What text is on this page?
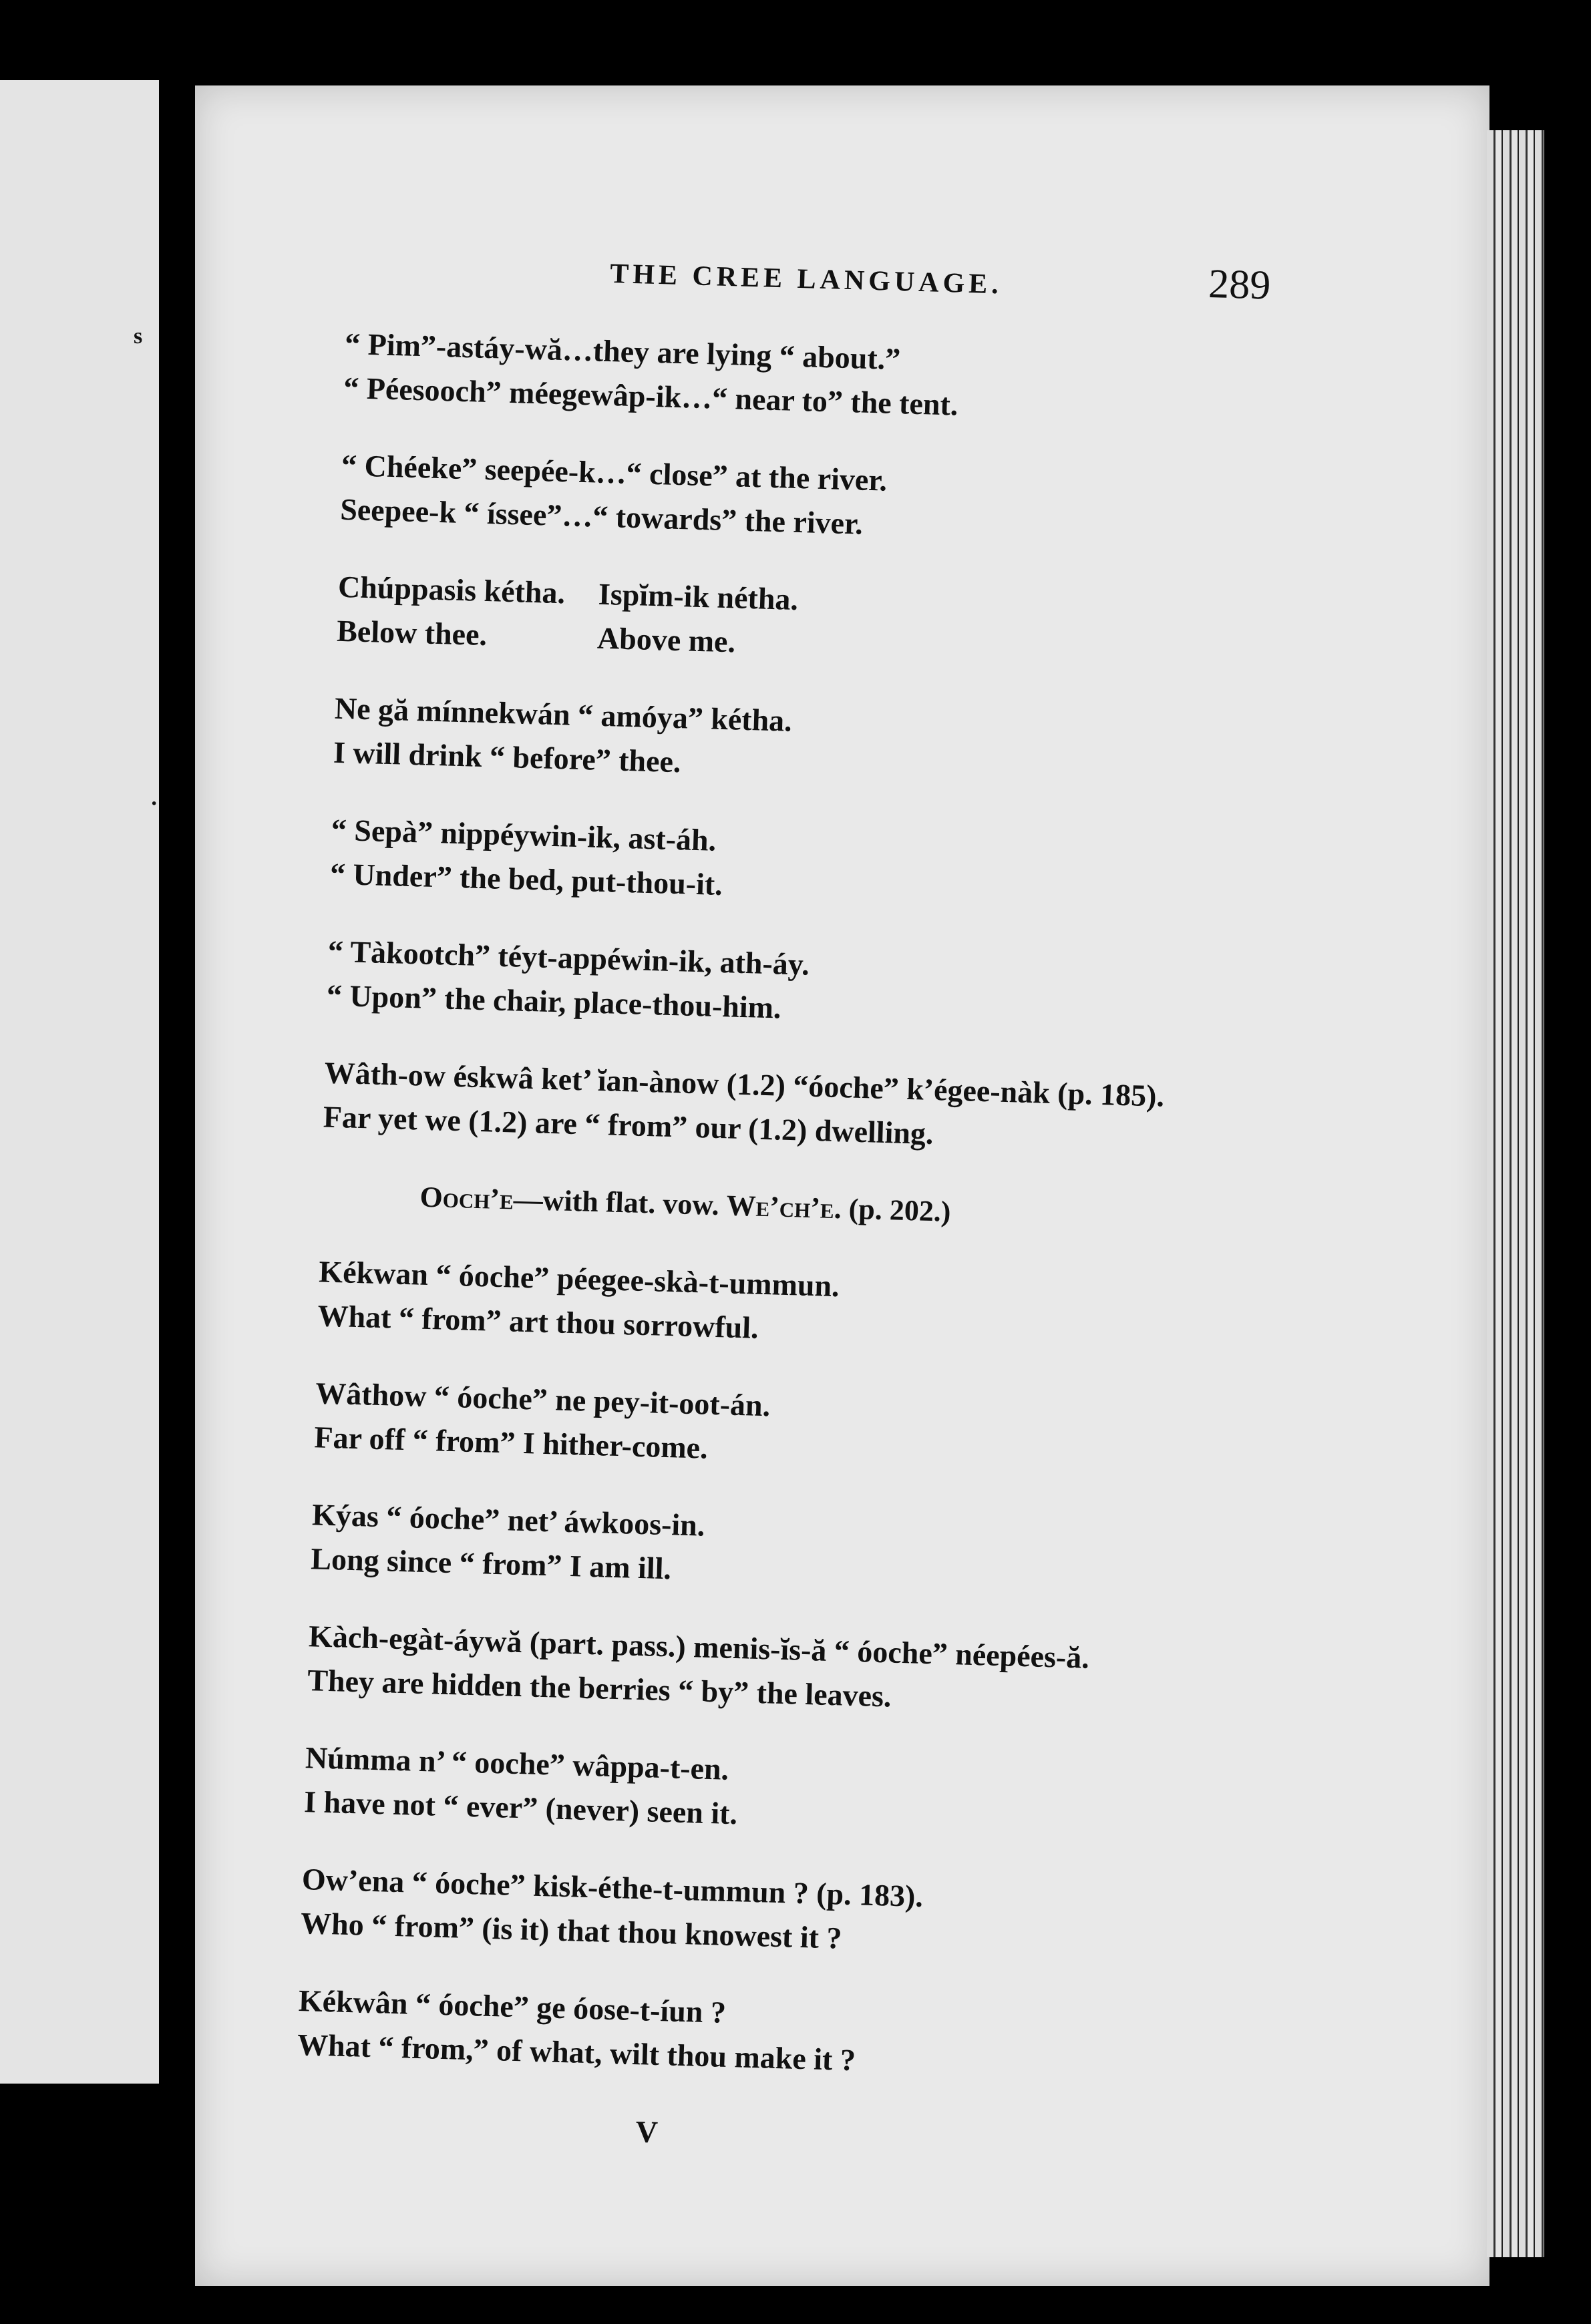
s
·
THE CREE LANGUAGE.	289
“ Pim”-astáy-wă…they are lying “ about.”
“ Péesooch” méegewâp-ik…“ near to” the tent.
“ Chéeke” seepée-k…“ close” at the river.
Seepee-k “ íssee”…“ towards” the river.
Chúppasis kétha.	Ispĭm-ik nétha.
Below thee.	Above me.
Ne gă mínnekwán “ amóya” kétha.
I will drink “ before” thee.
“ Sepà” nippéywin-ik, ast-áh.
“ Under” the bed, put-thou-it.
“ Tàkootch” téyt-appéwin-ik, ath-áy.
“ Upon” the chair, place-thou-him.
Wâth-ow éskwâ ket’ ĭan-ànow (1.2) “óoche” k’égee-nàk (p. 185).
Far yet we (1.2) are “ from” our (1.2) dwelling.
Ooch’e—with flat. vow. We’ch’e. (p. 202.)
Kékwan “ óoche” péegee-skà-t-ummun.
What “ from” art thou sorrowful.
Wâthow “ óoche” ne pey-it-oot-án.
Far off “ from” I hither-come.
Kýas “ óoche” net’ áwkoos-in.
Long since “ from” I am ill.
Kàch-egàt-áywă (part. pass.) menis-ĭs-ă “ óoche” néepées-ă.
They are hidden the berries “ by” the leaves.
Númma n’ “ ooche” wâppa-t-en.
I have not “ ever” (never) seen it.
Ow’ena “ óoche” kisk-éthe-t-ummun ? (p. 183).
Who “ from” (is it) that thou knowest it ?
Kékwân “ óoche” ge óose-t-íun ?
What “ from,” of what, wilt thou make it ?
V
